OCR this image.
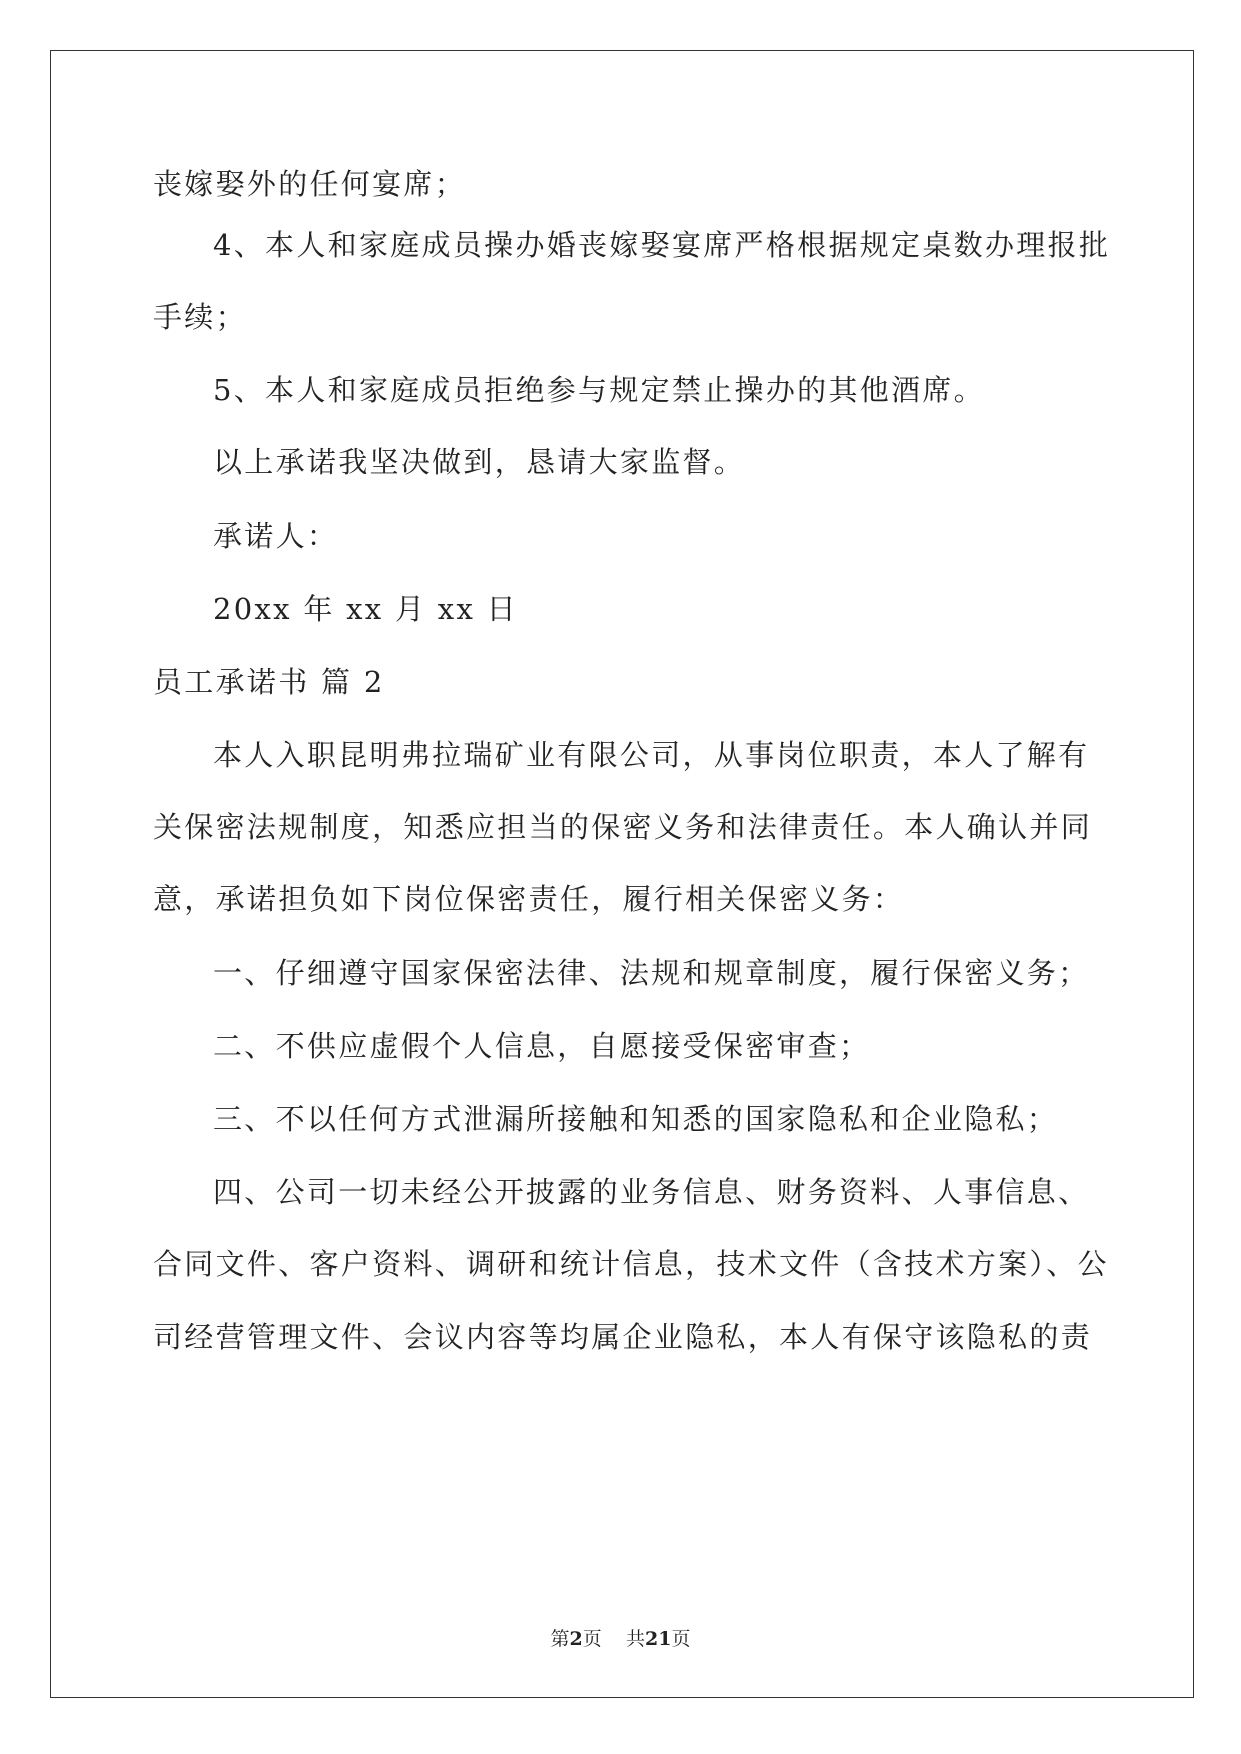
丧嫁娶外的任何宴席；
4、本人和家庭成员操办婚丧嫁娶宴席严格根据规定桌数办理报批
手续；
5、本人和家庭成员拒绝参与规定禁止操办的其他酒席。
以上承诺我坚决做到，恳请大家监督。
承诺人：
20xx 年 xx 月 xx 日
员工承诺书 篇 2
本人入职昆明弗拉瑞矿业有限公司，从事岗位职责，本人了解有
关保密法规制度，知悉应担当的保密义务和法律责任。本人确认并同
意，承诺担负如下岗位保密责任，履行相关保密义务：
一、仔细遵守国家保密法律、法规和规章制度，履行保密义务；
二、不供应虚假个人信息，自愿接受保密审查；
三、不以任何方式泄漏所接触和知悉的国家隐私和企业隐私；
四、公司一切未经公开披露的业务信息、财务资料、人事信息、
合同文件、客户资料、调研和统计信息，技术文件（含技术方案）、公
司经营管理文件、会议内容等均属企业隐私，本人有保守该隐私的责
第2页 共21页
